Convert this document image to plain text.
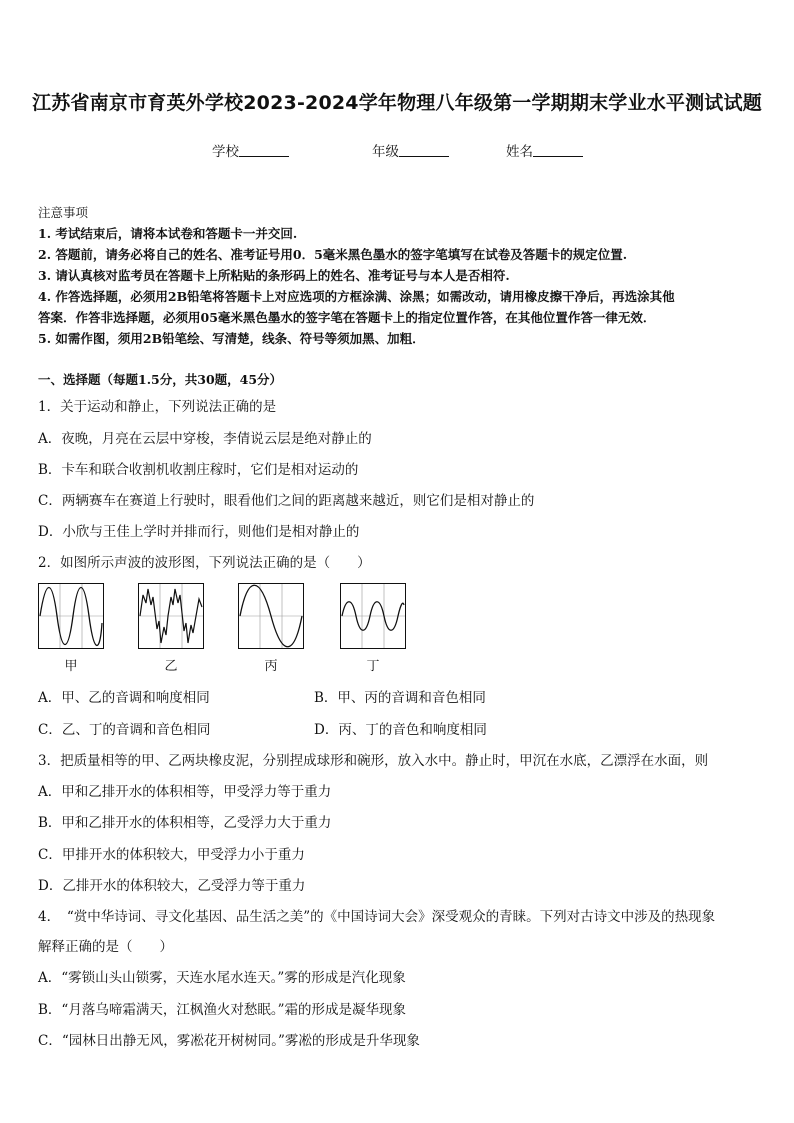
江苏省南京市育英外学校2023-2024学年物理八年级第一学期期末学业水平测试试题
学校	年级	姓名
注意事项
1. 考试结束后，请将本试卷和答题卡一并交回.
2. 答题前，请务必将自己的姓名、准考证号用0．5毫米黑色墨水的签字笔填写在试卷及答题卡的规定位置.
3. 请认真核对监考员在答题卡上所粘贴的条形码上的姓名、准考证号与本人是否相符.
4. 作答选择题，必须用2B铅笔将答题卡上对应选项的方框涂满、涂黑；如需改动，请用橡皮擦干净后，再选涂其他
答案．作答非选择题，必须用05毫米黑色墨水的签字笔在答题卡上的指定位置作答，在其他位置作答一律无效．
5. 如需作图，须用2B铅笔绘、写清楚，线条、符号等须加黑、加粗．
一、选择题（每题1.5分，共30题，45分）
1．关于运动和静止，下列说法正确的是
A．夜晚，月亮在云层中穿梭，李倩说云层是绝对静止的
B．卡车和联合收割机收割庄稼时，它们是相对运动的
C．两辆赛车在赛道上行驶时，眼看他们之间的距离越来越近，则它们是相对静止的
D．小欣与王佳上学时并排而行，则他们是相对静止的
2．如图所示声波的波形图，下列说法正确的是（　　）
甲	乙	丙	丁
A．甲、乙的音调和响度相同	B．甲、丙的音调和音色相同
C．乙、丁的音调和音色相同	D．丙、丁的音色和响度相同
3．把质量相等的甲、乙两块橡皮泥，分别捏成球形和碗形，放入水中。静止时，甲沉在水底，乙漂浮在水面，则
A．甲和乙排开水的体积相等，甲受浮力等于重力
B．甲和乙排开水的体积相等，乙受浮力大于重力
C．甲排开水的体积较大，甲受浮力小于重力
D．乙排开水的体积较大，乙受浮力等于重力
4．　“赏中华诗词、寻文化基因、品生活之美”的《中国诗词大会》深受观众的青睐。下列对古诗文中涉及的热现象
解释正确的是（　　）
A．“雾锁山头山锁雾，天连水尾水连天。”雾的形成是汽化现象
B．“月落乌啼霜满天，江枫渔火对愁眠。”霜的形成是凝华现象
C．“园林日出静无风，雾凇花开树树同。”雾凇的形成是升华现象
